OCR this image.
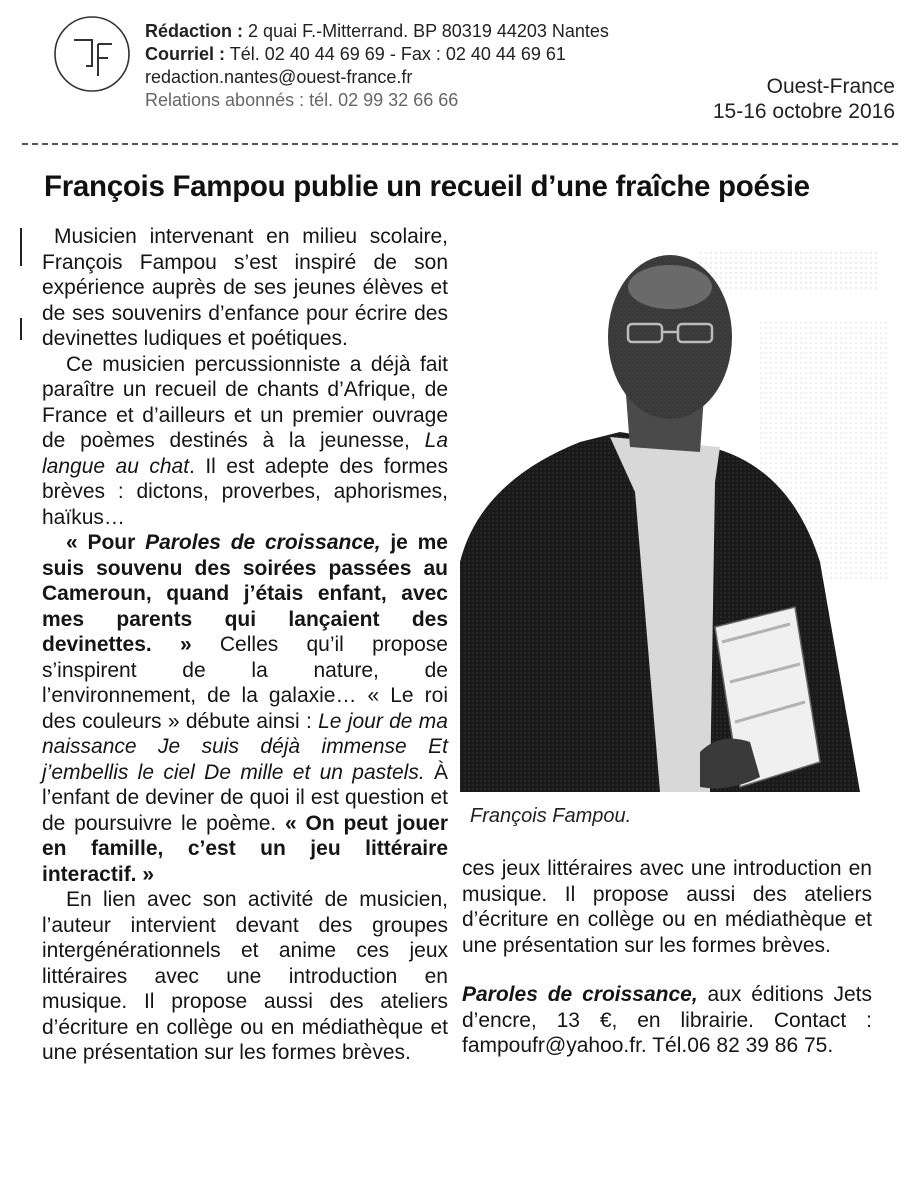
Rédaction : 2 quai F.-Mitterrand. BP 80319 44203 Nantes
Courriel : Tél. 02 40 44 69 69 - Fax : 02 40 44 69 61
redaction.nantes@ouest-france.fr
Relations abonnés : tél. 02 99 32 66 66
Ouest-France
15-16 octobre 2016
François Fampou publie un recueil d’une fraîche poésie

Musicien intervenant en milieu scolaire, François Fampou s’est inspiré de son expérience auprès de ses jeunes élèves et de ses souvenirs d’enfance pour écrire des devinettes ludiques et poétiques.

Ce musicien percussionniste a déjà fait paraître un recueil de chants d’Afrique, de France et d’ailleurs et un premier ouvrage de poèmes destinés à la jeunesse, La langue au chat. Il est adepte des formes brèves : dictons, proverbes, aphorismes, haïkus…

« Pour Paroles de croissance, je me suis souvenu des soirées passées au Cameroun, quand j’étais enfant, avec mes parents qui lançaient des devinettes. » Celles qu’il propose s’inspirent de la nature, de l’environnement, de la galaxie… « Le roi des couleurs » débute ainsi : Le jour de ma naissance Je suis déjà immense Et j’embellis le ciel De mille et un pastels. À l’enfant de deviner de quoi il est question et de poursuivre le poème. « On peut jouer en famille, c’est un jeu littéraire interactif. »

En lien avec son activité de musicien, l’auteur intervient devant des groupes intergénérationnels et anime ces jeux littéraires avec une introduction en musique. Il propose aussi des ateliers d’écriture en collège ou en médiathèque et une présentation sur les formes brèves.

François Fampou.

ces jeux littéraires avec une introduction en musique. Il propose aussi des ateliers d’écriture en collège ou en médiathèque et une présentation sur les formes brèves.

Paroles de croissance, aux éditions Jets d’encre, 13 €, en librairie. Contact : fampoufr@yahoo.fr. Tél.06 82 39 86 75.
